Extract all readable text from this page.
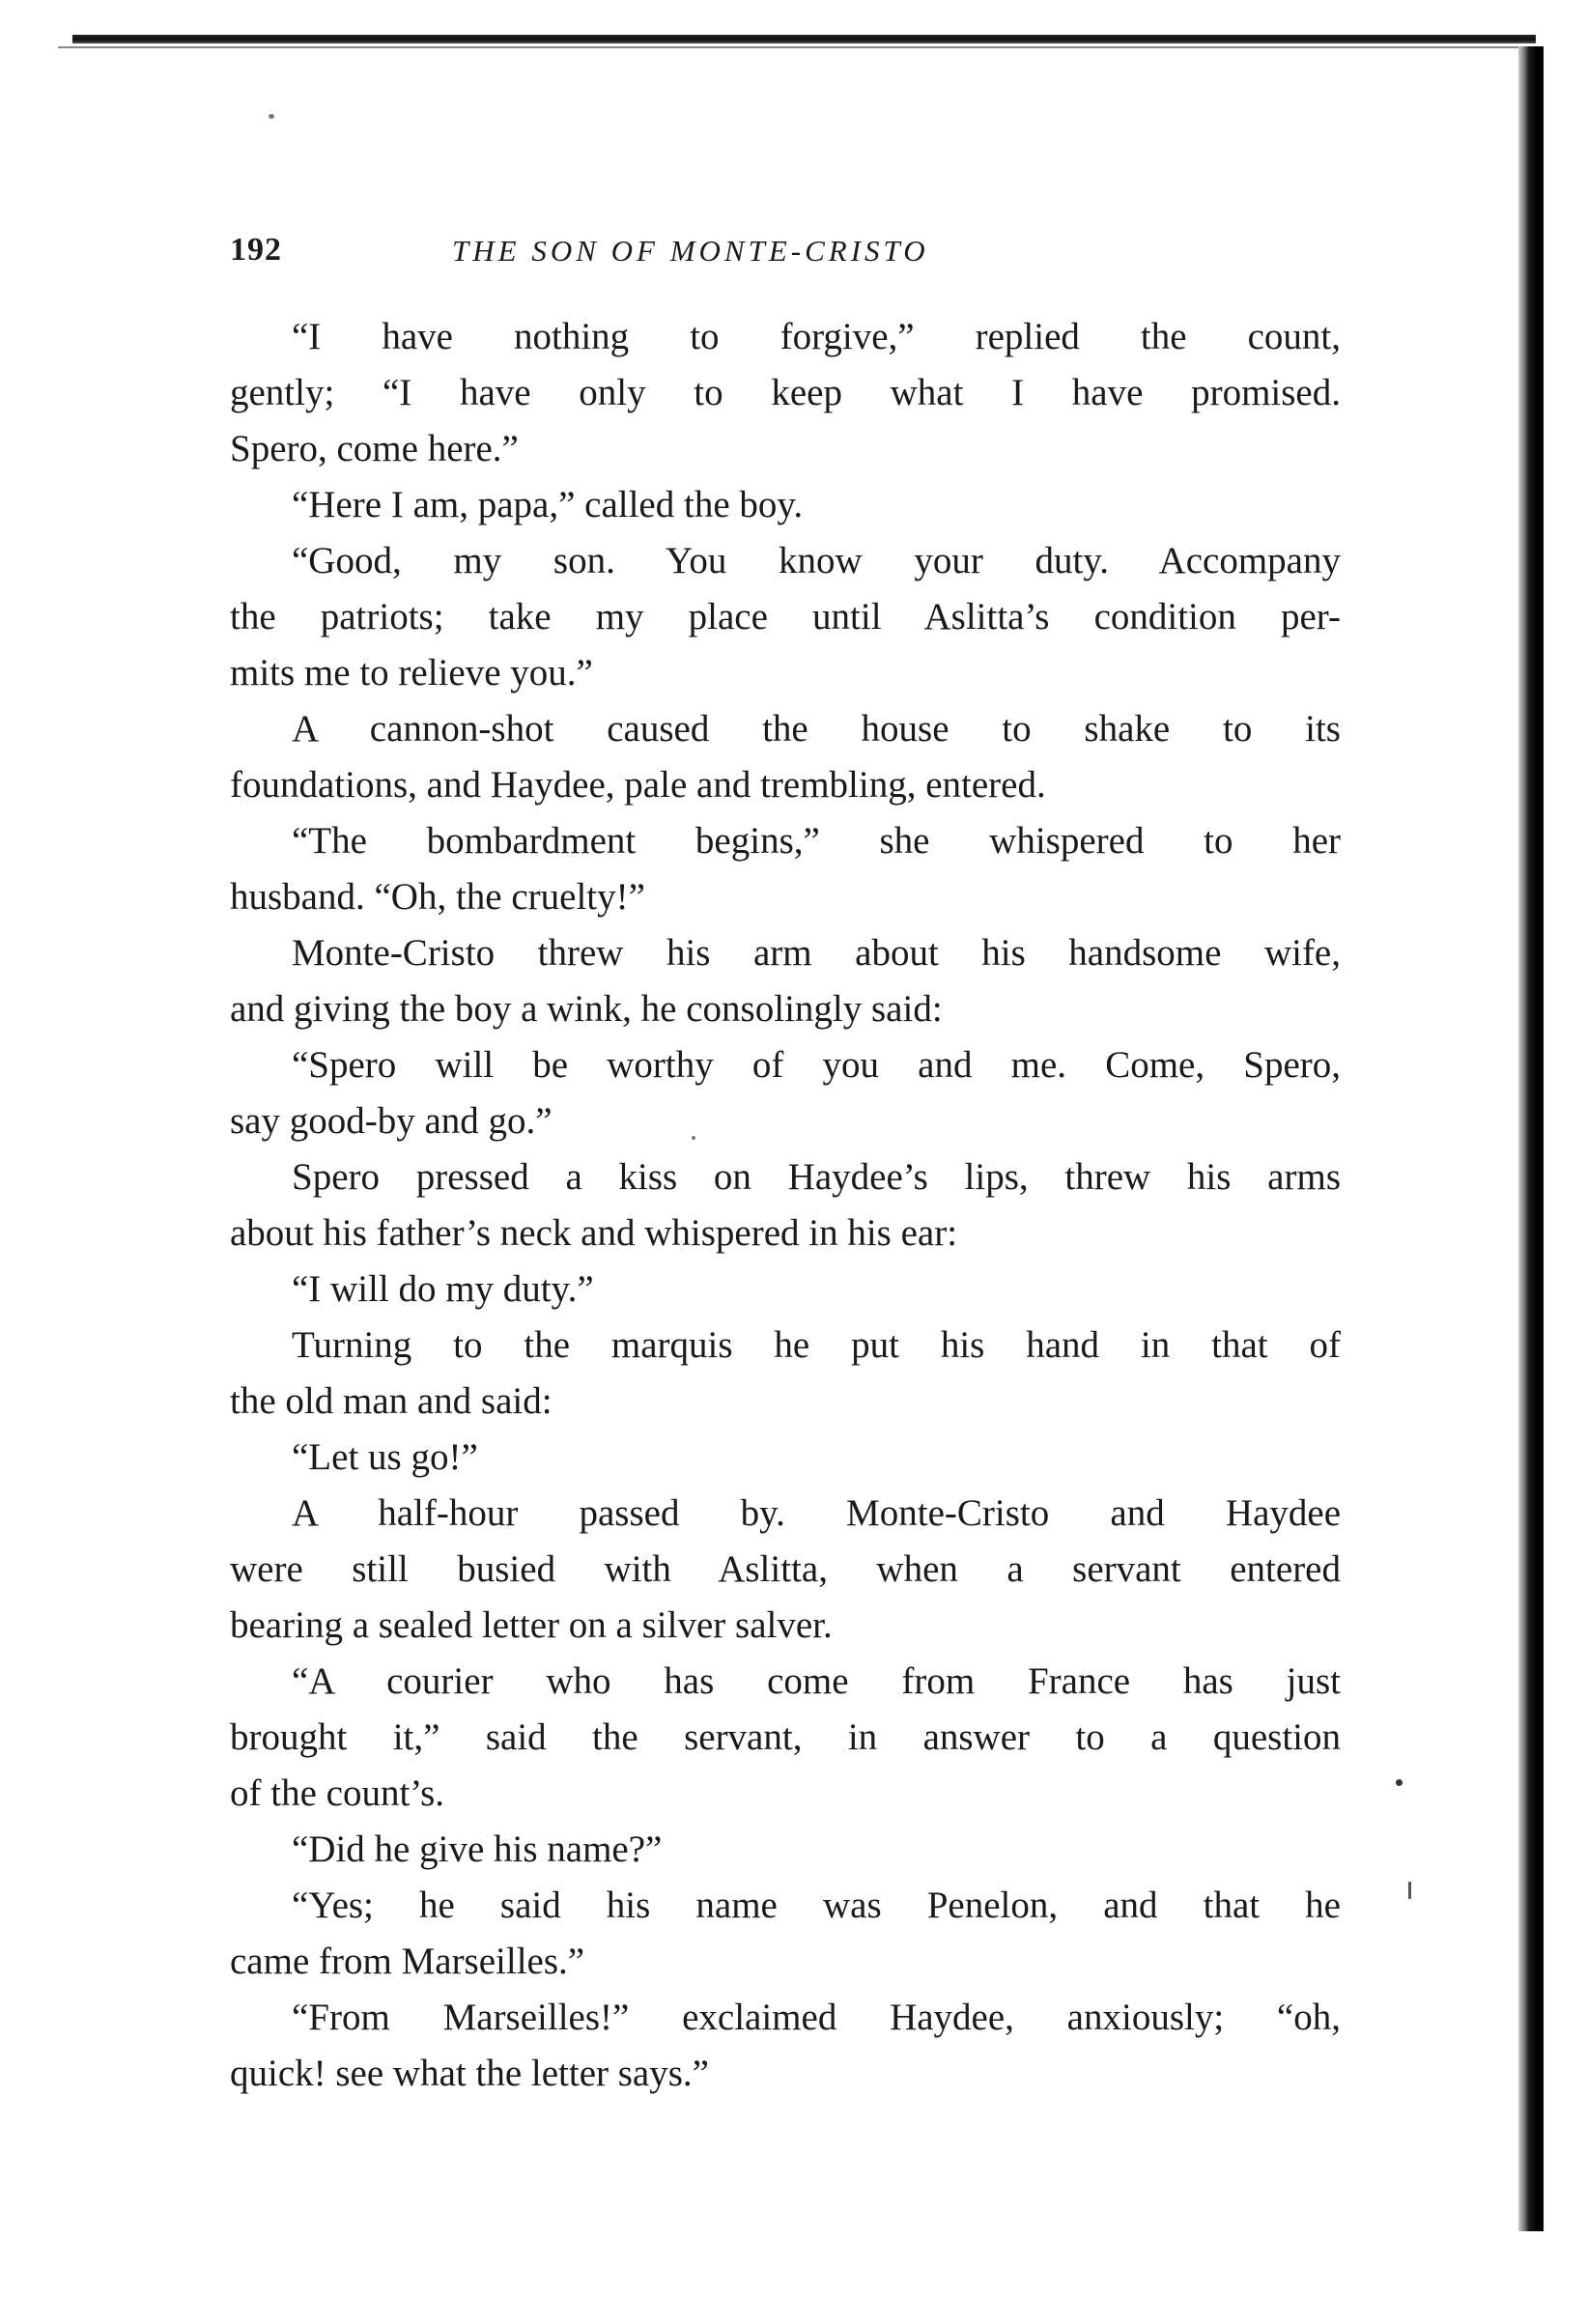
192	THE SON OF MONTE-CRISTO
“I have nothing to forgive,” replied the count,
gently; “I have only to keep what I have promised.
Spero, come here.”
“Here I am, papa,” called the boy.
“Good, my son. You know your duty. Accompany
the patriots; take my place until Aslitta’s condition per-
mits me to relieve you.”
A cannon-shot caused the house to shake to its
foundations, and Haydee, pale and trembling, entered.
“The bombardment begins,” she whispered to her
husband. “Oh, the cruelty!”
Monte-Cristo threw his arm about his handsome wife,
and giving the boy a wink, he consolingly said:
“Spero will be worthy of you and me. Come, Spero,
say good-by and go.”
Spero pressed a kiss on Haydee’s lips, threw his arms
about his father’s neck and whispered in his ear:
“I will do my duty.”
Turning to the marquis he put his hand in that of
the old man and said:
“Let us go!”
A half-hour passed by. Monte-Cristo and Haydee
were still busied with Aslitta, when a servant entered
bearing a sealed letter on a silver salver.
“A courier who has come from France has just
brought it,” said the servant, in answer to a question
of the count’s.
“Did he give his name?”
“Yes; he said his name was Penelon, and that he
came from Marseilles.”
“From Marseilles!” exclaimed Haydee, anxiously; “oh,
quick! see what the letter says.”
